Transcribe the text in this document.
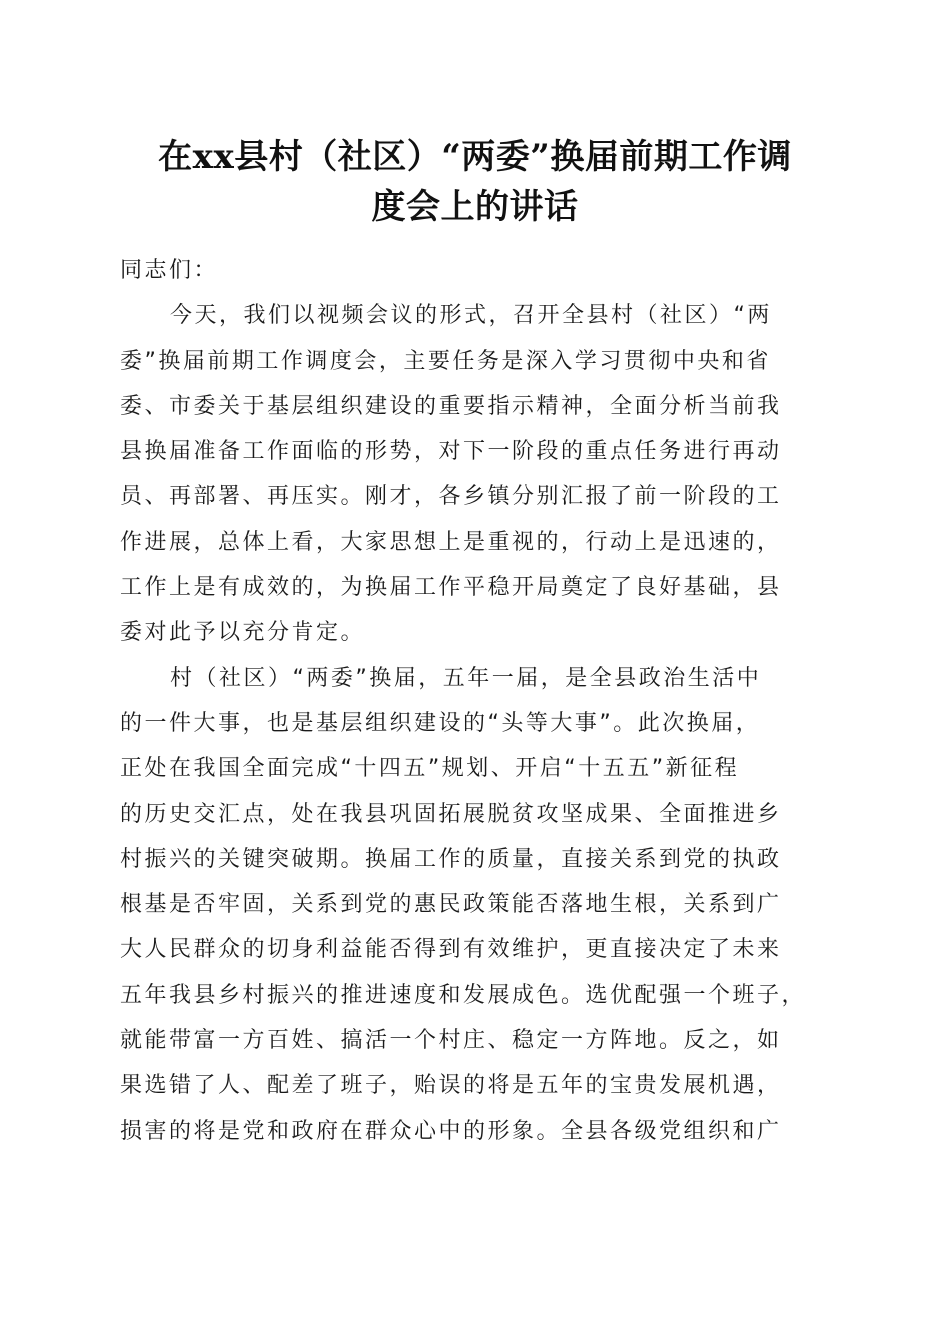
在xx县村（社区）“两委”换届前期工作调
度会上的讲话

同志们：

今天，我们以视频会议的形式，召开全县村（社区）“两
委”换届前期工作调度会，主要任务是深入学习贯彻中央和省
委、市委关于基层组织建设的重要指示精神，全面分析当前我
县换届准备工作面临的形势，对下一阶段的重点任务进行再动
员、再部署、再压实。刚才，各乡镇分别汇报了前一阶段的工
作进展，总体上看，大家思想上是重视的，行动上是迅速的，
工作上是有成效的，为换届工作平稳开局奠定了良好基础，县
委对此予以充分肯定。

村（社区）“两委”换届，五年一届，是全县政治生活中
的一件大事，也是基层组织建设的“头等大事”。此次换届，
正处在我国全面完成“十四五”规划、开启“十五五”新征程
的历史交汇点，处在我县巩固拓展脱贫攻坚成果、全面推进乡
村振兴的关键突破期。换届工作的质量，直接关系到党的执政
根基是否牢固，关系到党的惠民政策能否落地生根，关系到广
大人民群众的切身利益能否得到有效维护，更直接决定了未来
五年我县乡村振兴的推进速度和发展成色。选优配强一个班子，
就能带富一方百姓、搞活一个村庄、稳定一方阵地。反之，如
果选错了人、配差了班子，贻误的将是五年的宝贵发展机遇，
损害的将是党和政府在群众心中的形象。全县各级党组织和广
